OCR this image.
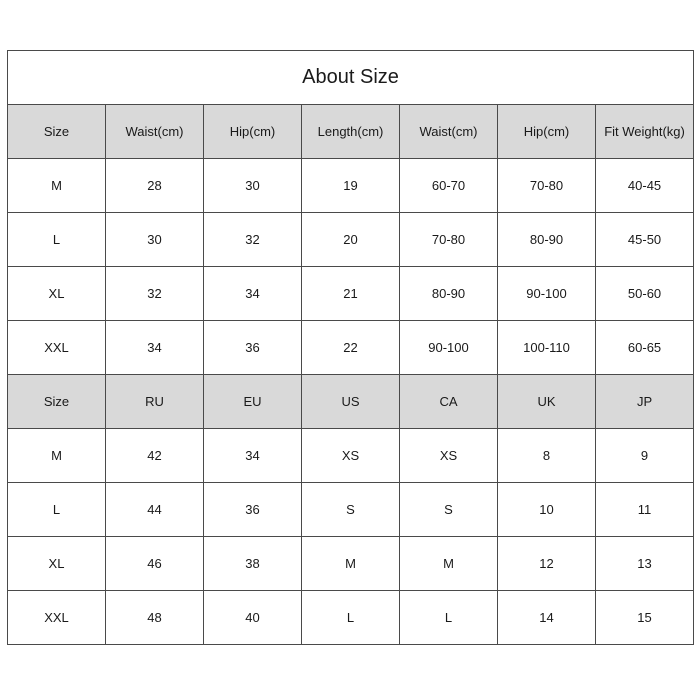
About Size						
Size	Waist(cm)	Hip(cm)	Length(cm)	Waist(cm)	Hip(cm)	Fit Weight(kg)
M	28	30	19	60-70	70-80	40-45
L	30	32	20	70-80	80-90	45-50
XL	32	34	21	80-90	90-100	50-60
XXL	34	36	22	90-100	100-110	60-65
Size	RU	EU	US	CA	UK	JP
M	42	34	XS	XS	8	9
L	44	36	S	S	10	11
XL	46	38	M	M	12	13
XXL	48	40	L	L	14	15
